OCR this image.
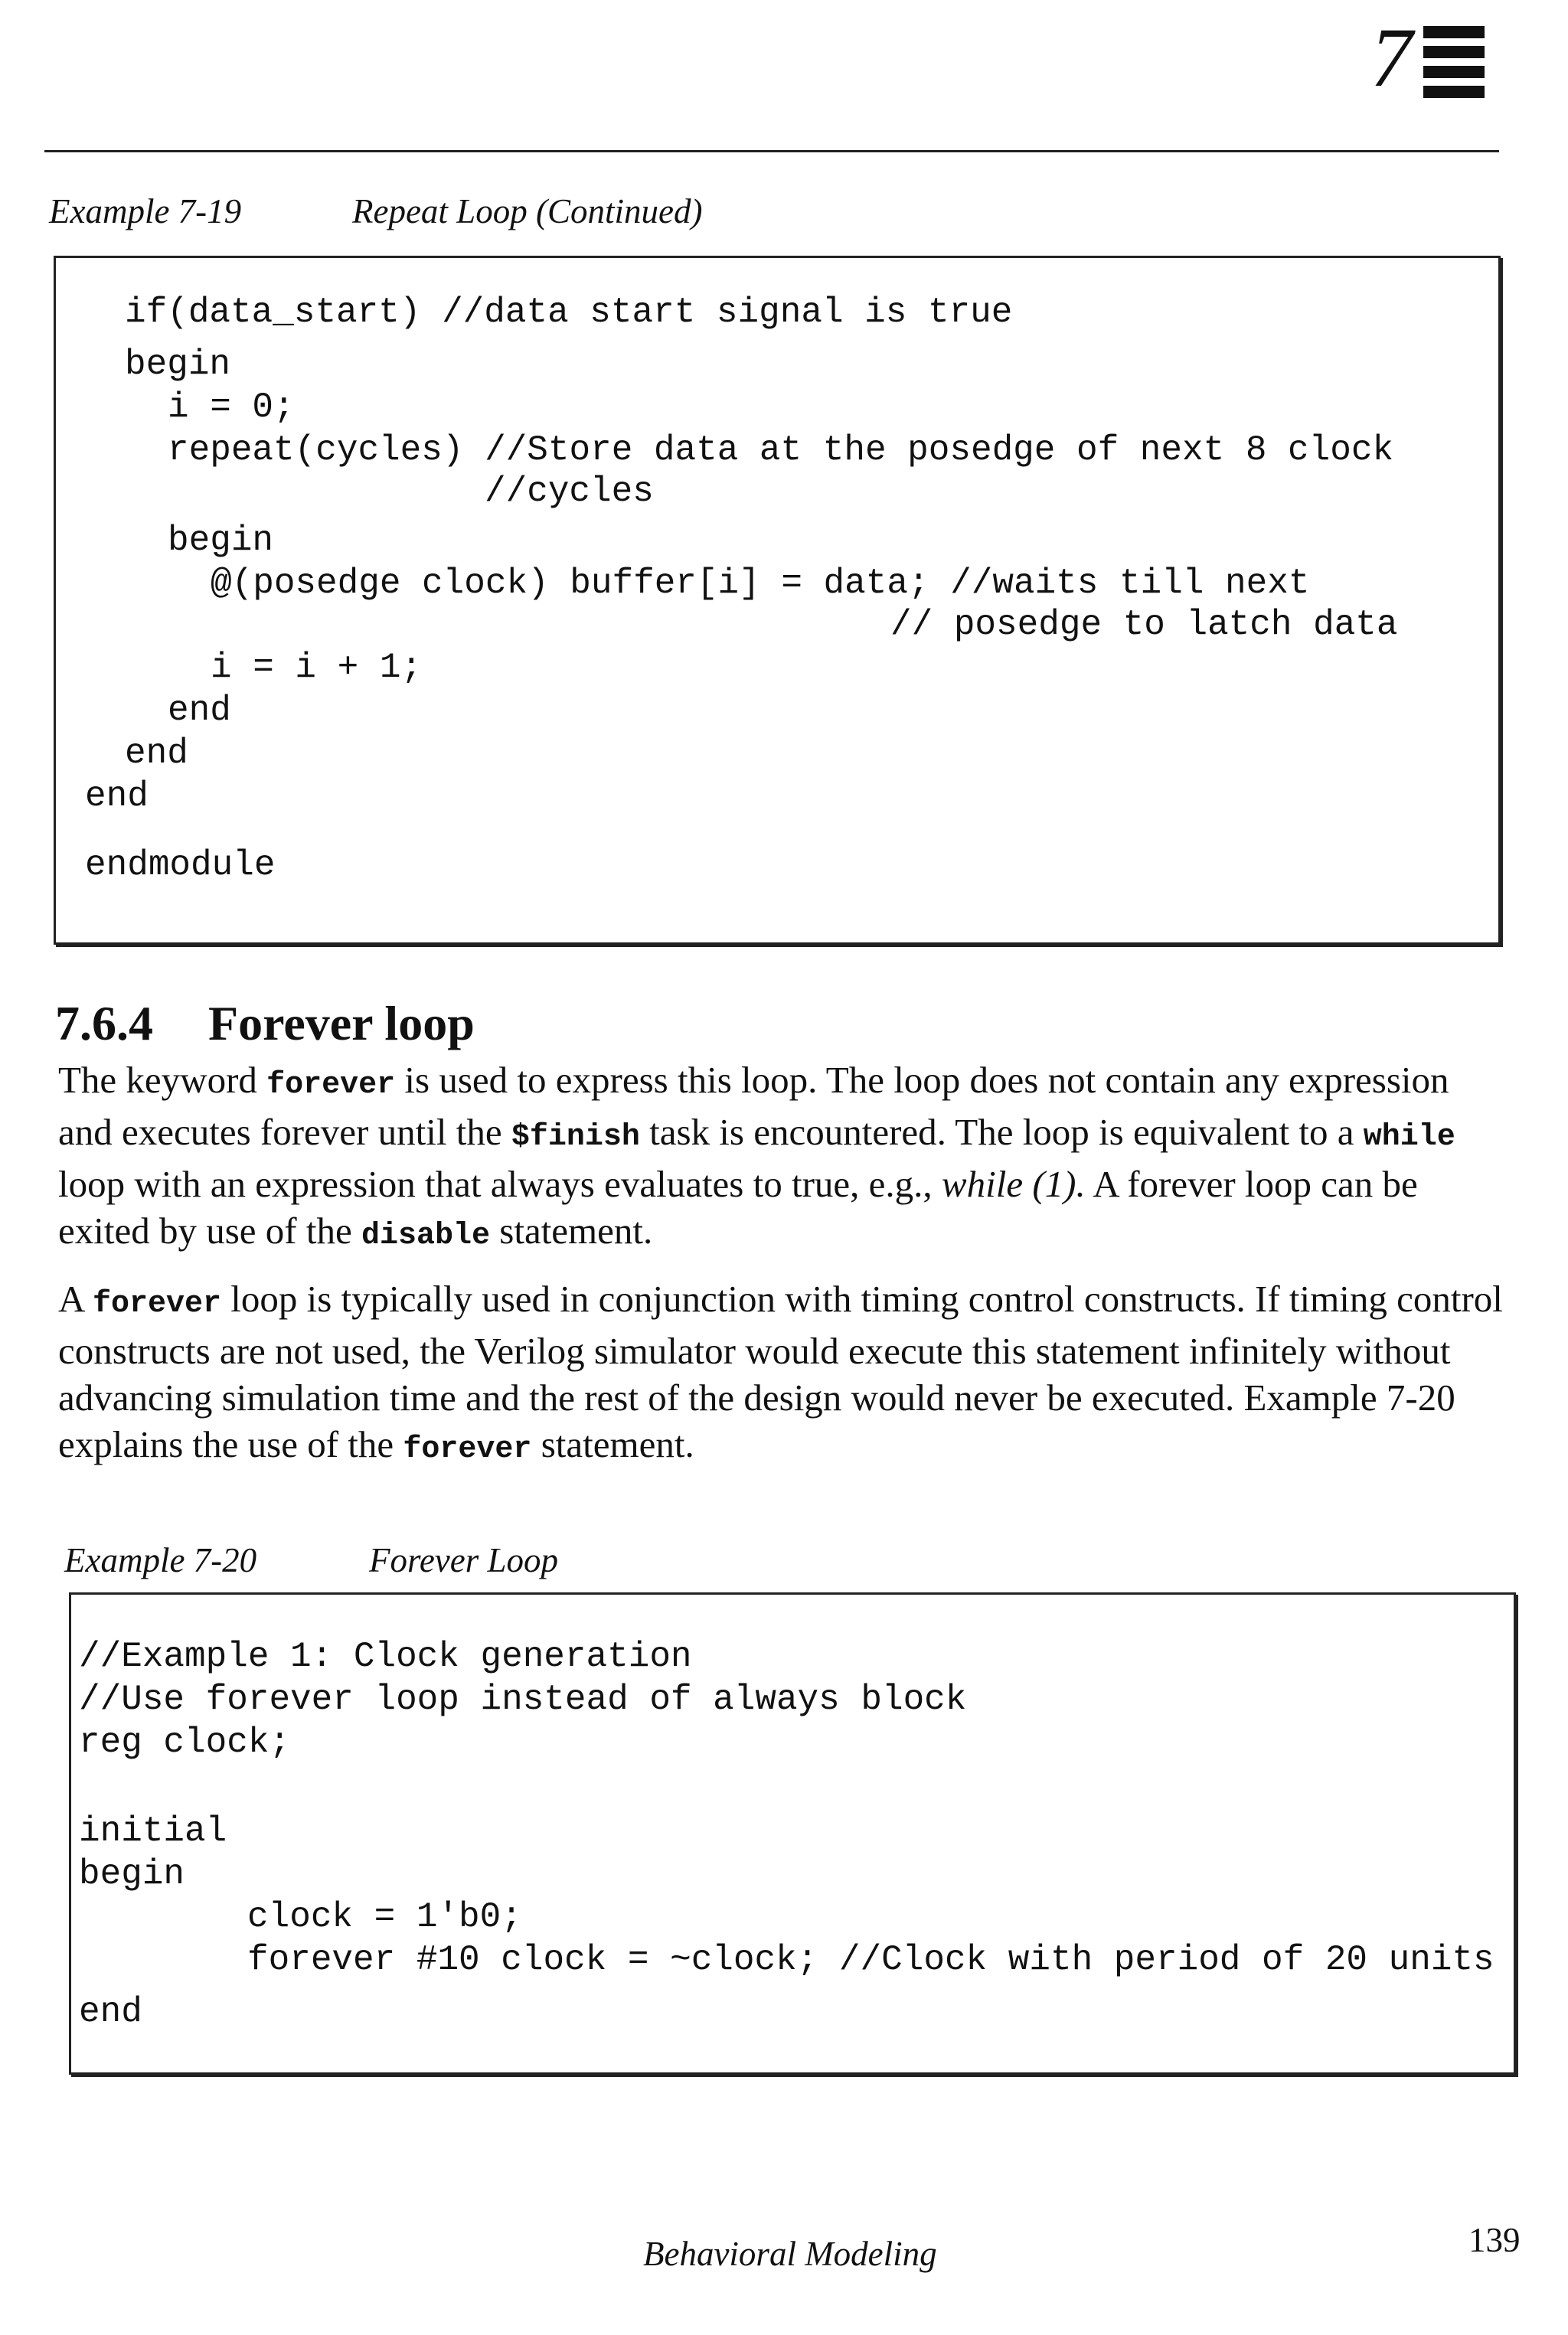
7
Example 7-19	Repeat Loop (Continued)
if(data_start) //data start signal is true
begin
i = 0;
repeat(cycles) //Store data at the posedge of next 8 clock
//cycles
begin
@(posedge clock) buffer[i] = data; //waits till next
// posedge to latch data
i = i + 1;
end
end
end
endmodule
7.6.4 Forever loop

The keyword forever is used to express this loop. The loop does not contain any expression and executes forever until the $finish task is encountered. The loop is equivalent to a while loop with an expression that always evaluates to true, e.g., while (1). A forever loop can be exited by use of the disable statement.

A forever loop is typically used in conjunction with timing control constructs. If timing control constructs are not used, the Verilog simulator would execute this statement infinitely without advancing simulation time and the rest of the design would never be executed. Example 7-20 explains the use of the forever statement.

Example 7-20	Forever Loop
//Example 1: Clock generation
//Use forever loop instead of always block
reg clock;
initial
begin
clock = 1'b0;
forever #10 clock = ~clock; //Clock with period of 20 units
end
Behavioral Modeling	139
